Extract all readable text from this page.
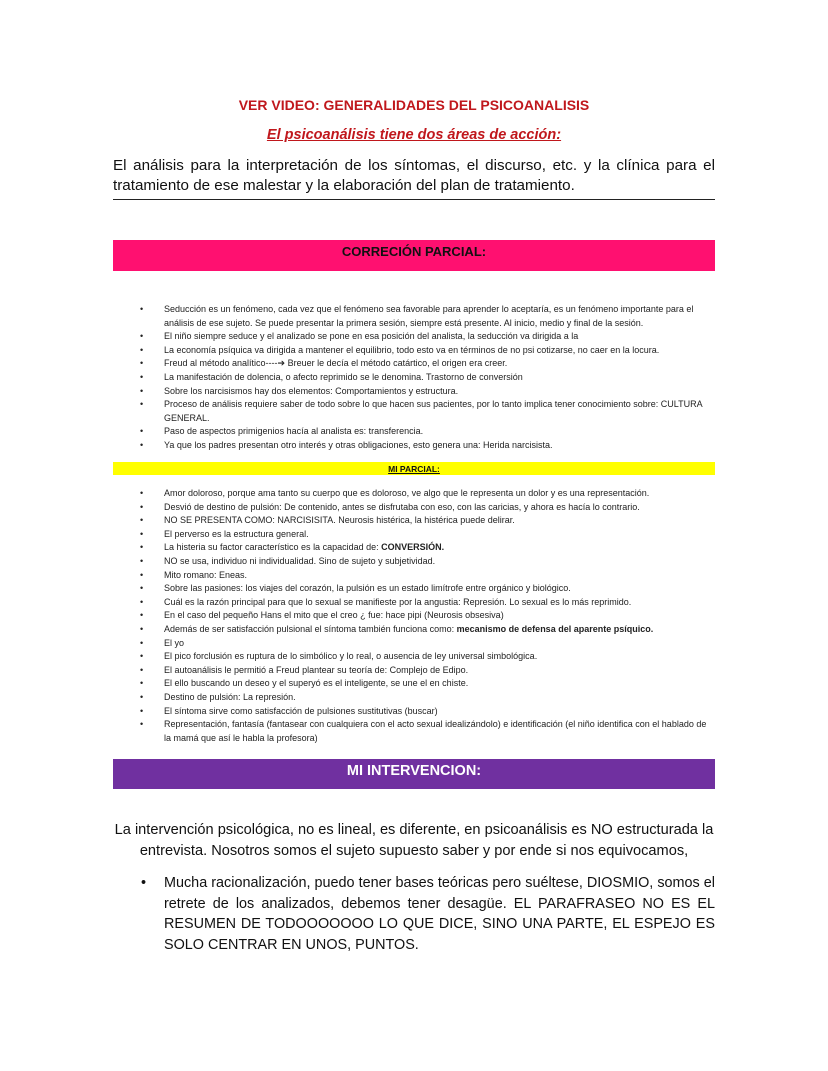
VER VIDEO: GENERALIDADES DEL PSICOANALISIS
El psicoanálisis tiene dos áreas de acción:
El análisis para la interpretación de los síntomas, el discurso, etc. y la clínica para el tratamiento de ese malestar y la elaboración del plan de tratamiento.
CORRECIÓN PARCIAL:
• Seducción es un fenómeno, cada vez que el fenómeno sea favorable para aprender lo aceptaría, es un fenómeno importante para el análisis de ese sujeto. Se puede presentar la primera sesión, siempre está presente. Al inicio, medio y final de la sesión.
• El niño siempre seduce y el analizado se pone en esa posición del analista, la seducción va dirigida a la
• La economía psíquica va dirigida a mantener el equilibrio, todo esto va en términos de no psi cotizarse, no caer en la locura.
• Freud al método analítico----➔ Breuer le decía el método catártico, el origen era creer.
• La manifestación de dolencia, o afecto reprimido se le denomina. Trastorno de conversión
• Sobre los narcisismos hay dos elementos: Comportamientos y estructura.
• Proceso de análisis requiere saber de todo sobre lo que hacen sus pacientes, por lo tanto implica tener conocimiento sobre: CULTURA GENERAL.
• Paso de aspectos primigenios hacía al analista es: transferencia.
• Ya que los padres presentan otro interés y otras obligaciones, esto genera una: Herida narcisista.
MI PARCIAL:
• Amor doloroso, porque ama tanto su cuerpo que es doloroso, ve algo que le representa un dolor y es una representación.
• Desvió de destino de pulsión: De contenido, antes se disfrutaba con eso, con las caricias, y ahora es hacía lo contrario.
• NO SE PRESENTA COMO: NARCISISITA. Neurosis histérica, la histérica puede delirar.
• El perverso es la estructura general.
• La histeria su factor característico es la capacidad de: CONVERSIÓN.
• NO se usa, individuo ni individualidad. Sino de sujeto y subjetividad.
• Mito romano: Eneas.
• Sobre las pasiones: los viajes del corazón, la pulsión es un estado limítrofe entre orgánico y biológico.
• Cuál es la razón principal para que lo sexual se manifieste por la angustia: Represión. Lo sexual es lo más reprimido.
• En el caso del pequeño Hans el mito que el creo ¿ fue: hace pipi (Neurosis obsesiva)
• Además de ser satisfacción pulsional el síntoma también funciona como: mecanismo de defensa del aparente psíquico.
• El yo
• El pico forclusión es ruptura de lo simbólico y lo real, o ausencia de ley universal simbológica.
• El autoanálisis le permitió a Freud plantear su teoría de: Complejo de Edipo.
• El ello buscando un deseo y el superyó es el inteligente, se une el en chiste.
• Destino de pulsión: La represión.
• El síntoma sirve como satisfacción de pulsiones sustitutivas (buscar)
• Representación, fantasía (fantasear con cualquiera con el acto sexual idealizándolo) e identificación (el niño identifica con el hablado de la mamá que así le habla la profesora)
MI INTERVENCION:
La intervención psicológica, no es lineal, es diferente, en psicoanálisis es NO estructurada la entrevista. Nosotros somos el sujeto supuesto saber y por ende si nos equivocamos,
• Mucha racionalización, puedo tener bases teóricas pero suéltese, DIOSMIO, somos el retrete de los analizados, debemos tener desagüe. EL PARAFRASEO NO ES EL RESUMEN DE TODOOOOOOO LO QUE DICE, SINO UNA PARTE, EL ESPEJO ES SOLO CENTRAR EN UNOS, PUNTOS.
